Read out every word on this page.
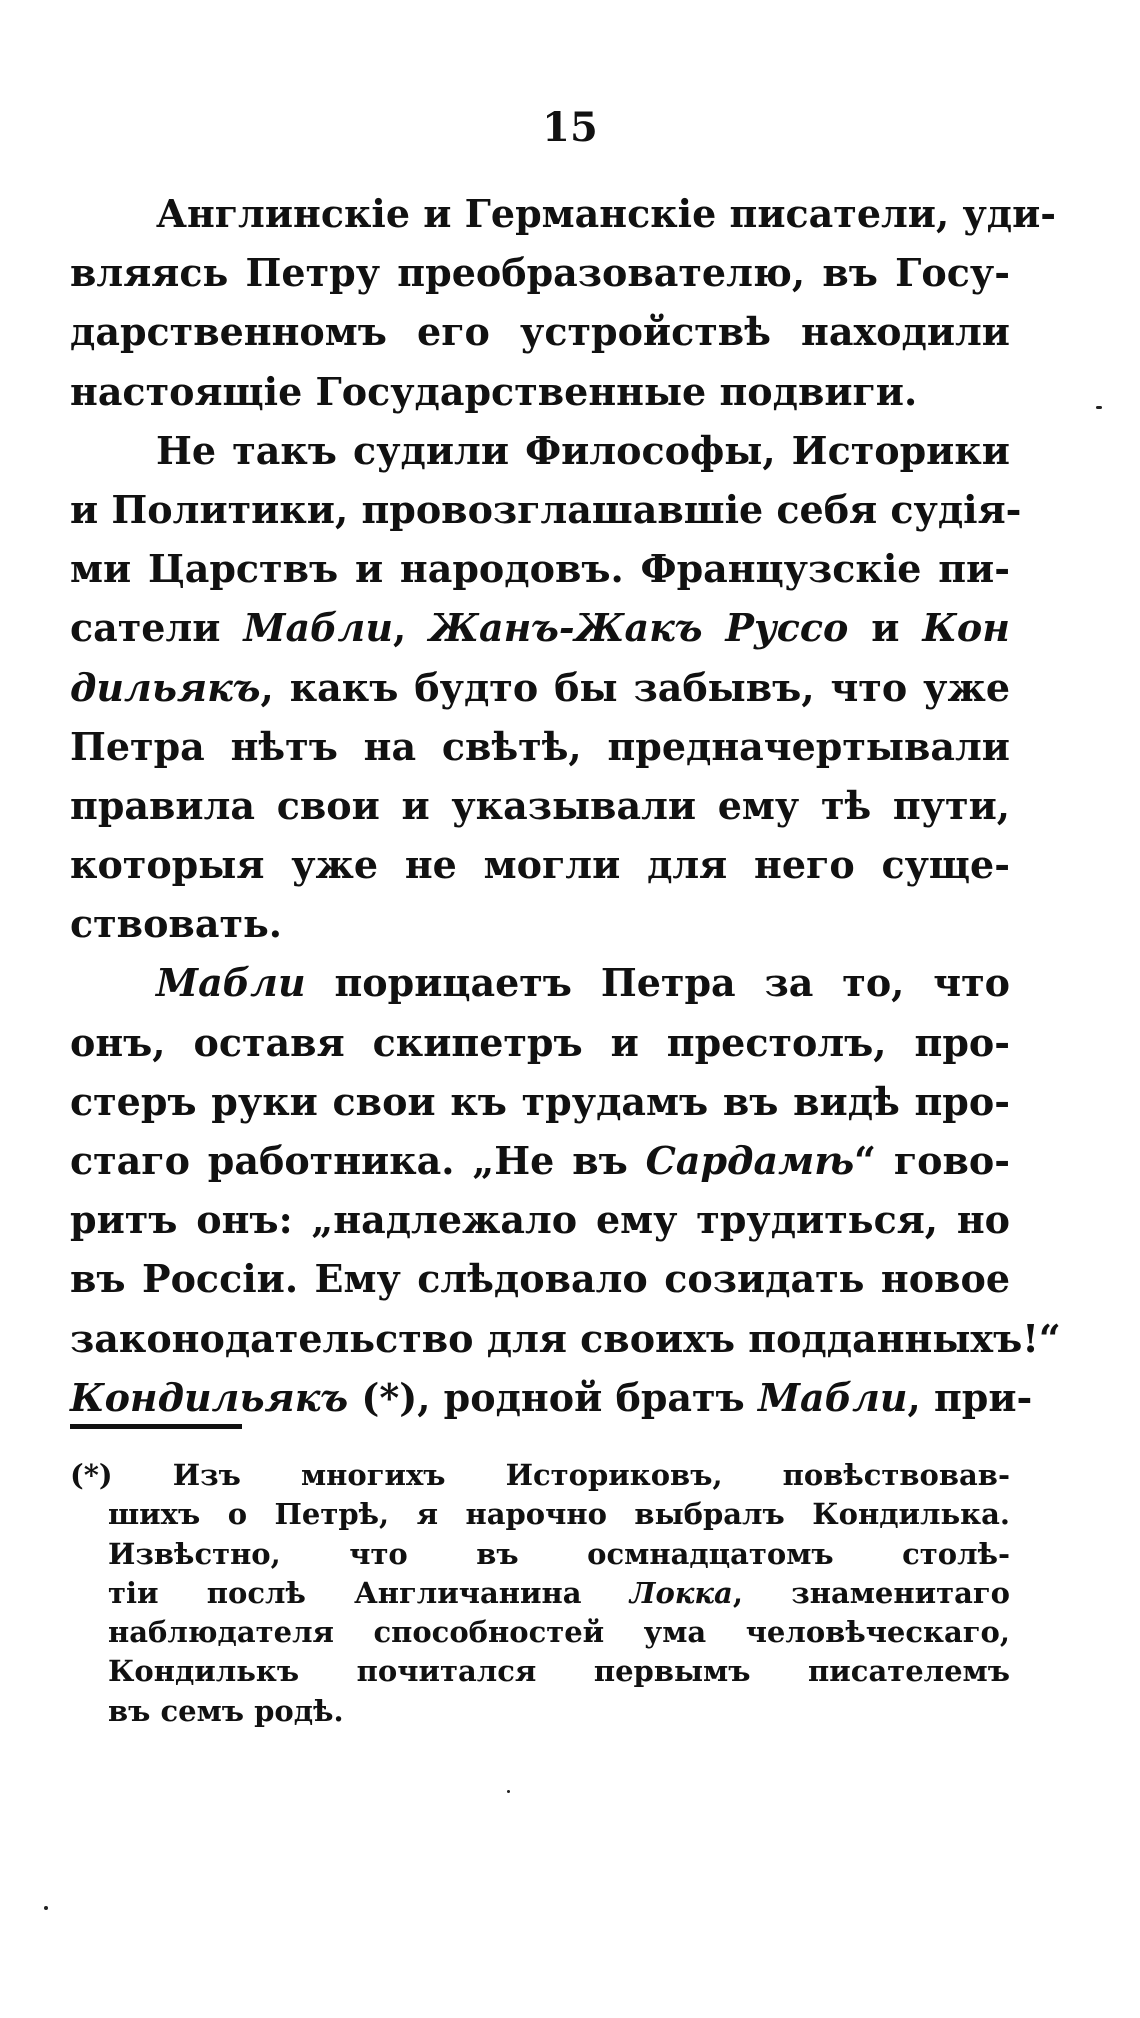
15
Англинскіе и Германскіе писатели, уди-
вляясь Петру преобразователю, въ Госу-
дарственномъ его устройствѣ находили
настоящіе Государственные подвиги.
Не такъ судили Философы, Историки
и Политики, провозглашавшіе себя судія-
ми Царствъ и народовъ. Французскіе пи-
сатели Мабли, Жанъ-Жакъ Руссо и Кон
дильякъ, какъ будто бы забывъ, что уже
Петра нѣтъ на свѣтѣ, предначертывали
правила свои и указывали ему тѣ пути,
которыя уже не могли для него суще-
ствовать.
Мабли порицаетъ Петра за то, что
онъ, оставя скипетръ и престолъ, про-
стеръ руки свои къ трудамъ въ видѣ про-
стаго работника. „Не въ Сардамѣ“ гово-
ритъ онъ: „надлежало ему трудиться, но
въ Россіи. Ему слѣдовало созидать новое
законодательство для своихъ подданныхъ!“
Кондильякъ (*), родной братъ Мабли, при-
(*) Изъ многихъ Историковъ, повѣствовав-
шихъ о Петрѣ, я нарочно выбралъ Кондилька.
Извѣстно, что въ осмнадцатомъ столѣ-
тіи послѣ Англичанина Локка, знаменитаго
наблюдателя способностей ума человѣческаго,
Кондилькъ почитался первымъ писателемъ
въ семъ родѣ.
